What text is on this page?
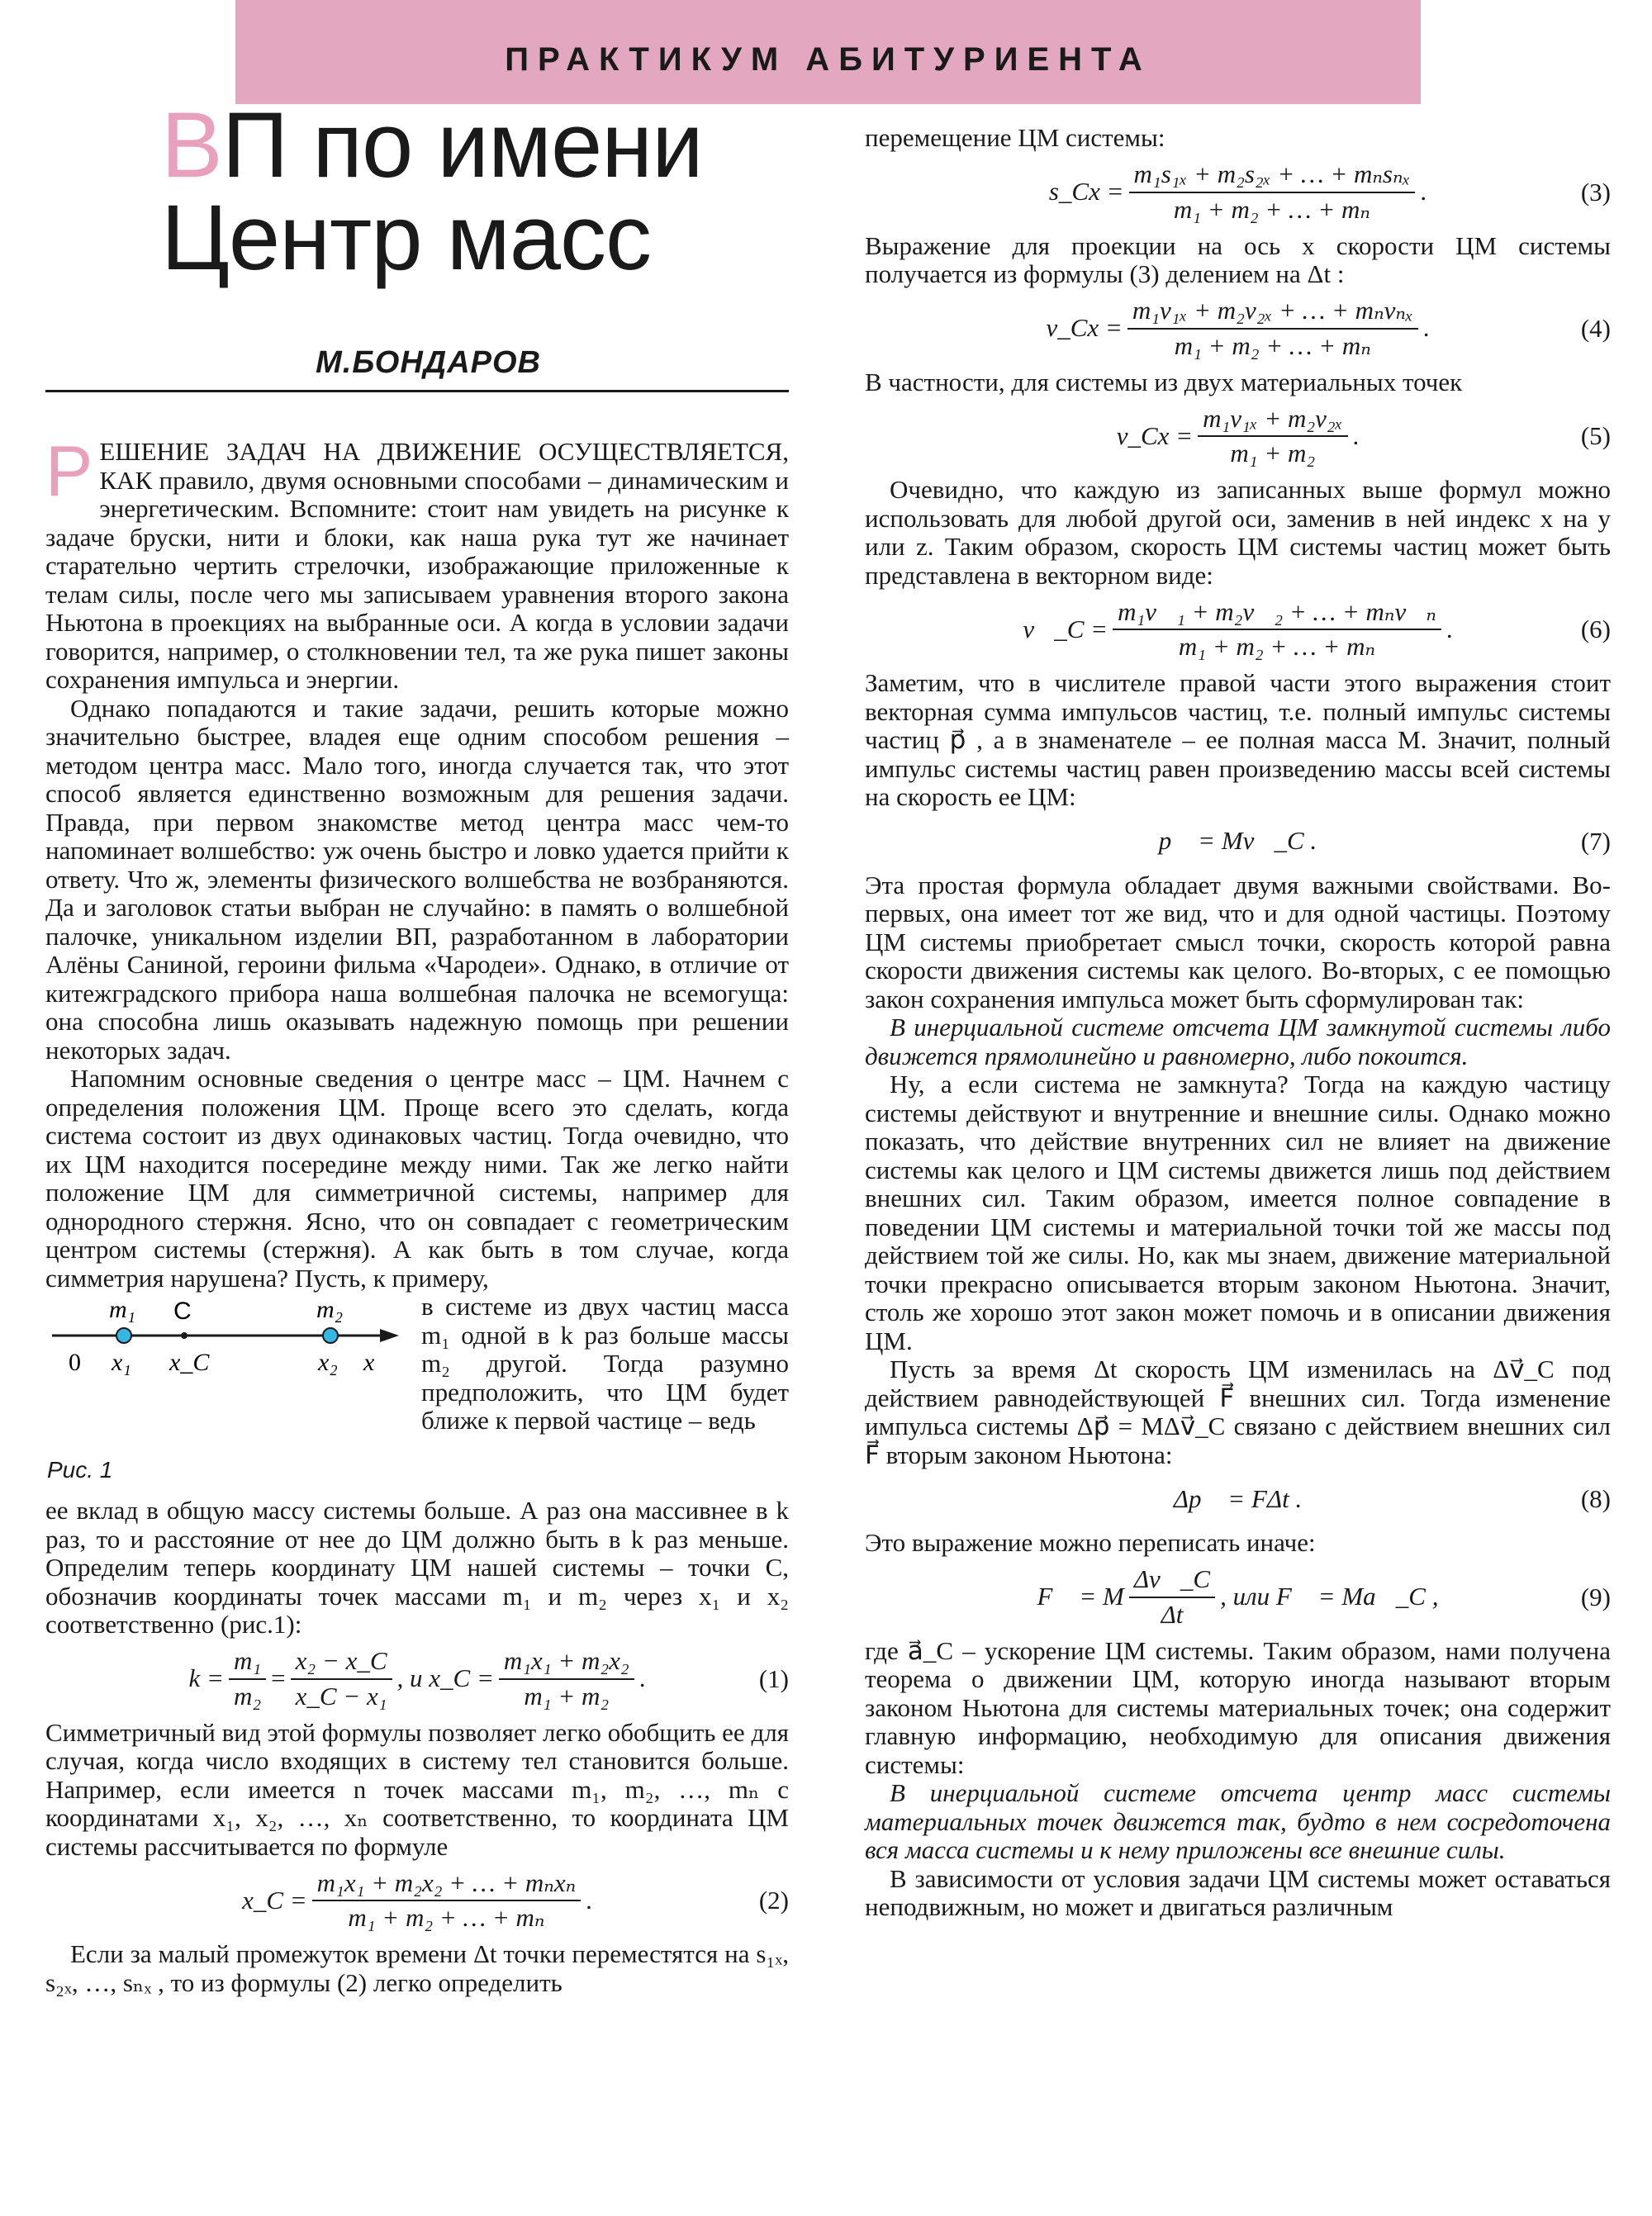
ПРАКТИКУМ АБИТУРИЕНТА
ВП по имени
Центр масс
М.БОНДАРОВ

РЕШЕНИЕ ЗАДАЧ НА ДВИЖЕНИЕ ОСУЩЕСТВЛЯЕТСЯ, КАК правило, двумя основными способами – динамическим и энергетическим. Вспомните: стоит нам увидеть на рисунке к задаче бруски, нити и блоки, как наша рука тут же начинает старательно чертить стрелочки, изображающие приложенные к телам силы, после чего мы записываем уравнения второго закона Ньютона в проекциях на выбранные оси. А когда в условии задачи говорится, например, о столкновении тел, та же рука пишет законы сохранения импульса и энергии.

Однако попадаются и такие задачи, решить которые можно значительно быстрее, владея еще одним способом решения – методом центра масс. Мало того, иногда случается так, что этот способ является единственно возможным для решения задачи. Правда, при первом знакомстве метод центра масс чем-то напоминает волшебство: уж очень быстро и ловко удается прийти к ответу. Что ж, элементы физического волшебства не возбраняются. Да и заголовок статьи выбран не случайно: в память о волшебной палочке, уникальном изделии ВП, разработанном в лаборатории Алёны Саниной, героини фильма «Чародеи». Однако, в отличие от китежградского прибора наша волшебная палочка не всемогуща: она способна лишь оказывать надежную помощь при решении некоторых задач.

Напомним основные сведения о центре масс – ЦМ. Начнем с определения положения ЦМ. Проще всего это сделать, когда система состоит из двух одинаковых частиц. Тогда очевидно, что их ЦМ находится посередине между ними. Так же легко найти положение ЦМ для симметричной системы, например для однородного стержня. Ясно, что он совпадает с геометрическим центром системы (стержня). А как быть в том случае, когда симметрия нарушена? Пусть, к примеру,

m₁ C	m₂
0 x₁ x_C	x₂ x
Рис. 1
в системе из двух частиц масса m₁ одной в k раз больше массы m₂ другой. Тогда разумно предположить, что ЦМ будет ближе к первой частице – ведь

ее вклад в общую массу системы больше. А раз она массивнее в k раз, то и расстояние от нее до ЦМ должно быть в k раз меньше. Определим теперь координату ЦМ нашей системы – точки C, обозначив координаты точек массами m₁ и m₂ через x₁ и x₂ соответственно (рис.1):

$k = \frac{\text{m₁}}{\text{m₂}} = \frac{\text{x₂ − x\_C}}{\text{x\_C − x₁}}$ , и x_C = $\frac{\text{m₁x₁ + m₂x₂}}{\text{m₁ + m₂}}$ .	(1)

Симметричный вид этой формулы позволяет легко обобщить ее для случая, когда число входящих в систему тел становится больше. Например, если имеется n точек массами m₁, m₂, …, mₙ с координатами x₁, x₂, …, xₙ соответственно, то координата ЦМ системы рассчитывается по формуле

x_C = $\frac{\text{m₁x₁ + m₂x₂ + … + mₙxₙ}}{\text{m₁ + m₂ + … + mₙ}}$ .	(2)

Если за малый промежуток времени Δt точки переместятся на s₁ₓ, s₂ₓ, …, sₙₓ , то из формулы (2) легко определить

перемещение ЦМ системы:

s_Cx = $\frac{\text{m₁s₁ₓ + m₂s₂ₓ + … + mₙsₙₓ}}{\text{m₁ + m₂ + … + mₙ}}$ .	(3)

Выражение для проекции на ось x скорости ЦМ системы получается из формулы (3) делением на Δt :

v_Cx = $\frac{\text{m₁v₁ₓ + m₂v₂ₓ + … + mₙvₙₓ}}{\text{m₁ + m₂ + … + mₙ}}$ .	(4)

В частности, для системы из двух материальных точек

v_Cx = $\frac{\text{m₁v₁ₓ + m₂v₂ₓ}}{\text{m₁ + m₂}}$ .	(5)

Очевидно, что каждую из записанных выше формул можно использовать для любой другой оси, заменив в ней индекс x на y или z. Таким образом, скорость ЦМ системы частиц может быть представлена в векторном виде:

v⃗_C = $\frac{\text{m₁v⃗₁ + m₂v⃗₂ + … + mₙv⃗ₙ}}{\text{m₁ + m₂ + … + mₙ}}$ .	(6)

Заметим, что в числителе правой части этого выражения стоит векторная сумма импульсов частиц, т.е. полный импульс системы частиц p⃗ , а в знаменателе – ее полная масса M. Значит, полный импульс системы частиц равен произведению массы всей системы на скорость ее ЦМ:

p⃗ = Mv⃗_C .	(7)

Эта простая формула обладает двумя важными свойствами. Во-первых, она имеет тот же вид, что и для одной частицы. Поэтому ЦМ системы приобретает смысл точки, скорость которой равна скорости движения системы как целого. Во-вторых, с ее помощью закон сохранения импульса может быть сформулирован так:

В инерциальной системе отсчета ЦМ замкнутой системы либо движется прямолинейно и равномерно, либо покоится.

Ну, а если система не замкнута? Тогда на каждую частицу системы действуют и внутренние и внешние силы. Однако можно показать, что действие внутренних сил не влияет на движение системы как целого и ЦМ системы движется лишь под действием внешних сил. Таким образом, имеется полное совпадение в поведении ЦМ системы и материальной точки той же массы под действием той же силы. Но, как мы знаем, движение материальной точки прекрасно описывается вторым законом Ньютона. Значит, столь же хорошо этот закон может помочь и в описании движения ЦМ.

Пусть за время Δt скорость ЦМ изменилась на Δv⃗_C под действием равнодействующей F⃗ внешних сил. Тогда изменение импульса системы Δp⃗ = MΔv⃗_C связано с действием внешних сил F⃗ вторым законом Ньютона:

Δp⃗ = FΔt .	(8)

Это выражение можно переписать иначе:

F⃗ = M $\frac{\Delta v⃗\_C}{\Delta t}$ , или F⃗ = Ma⃗_C ,	(9)

где a⃗_C – ускорение ЦМ системы. Таким образом, нами получена теорема о движении ЦМ, которую иногда называют вторым законом Ньютона для системы материальных точек; она содержит главную информацию, необходимую для описания движения системы:

В инерциальной системе отсчета центр масс системы материальных точек движется так, будто в нем сосредоточена вся масса системы и к нему приложены все внешние силы.

В зависимости от условия задачи ЦМ системы может оставаться неподвижным, но может и двигаться различным
